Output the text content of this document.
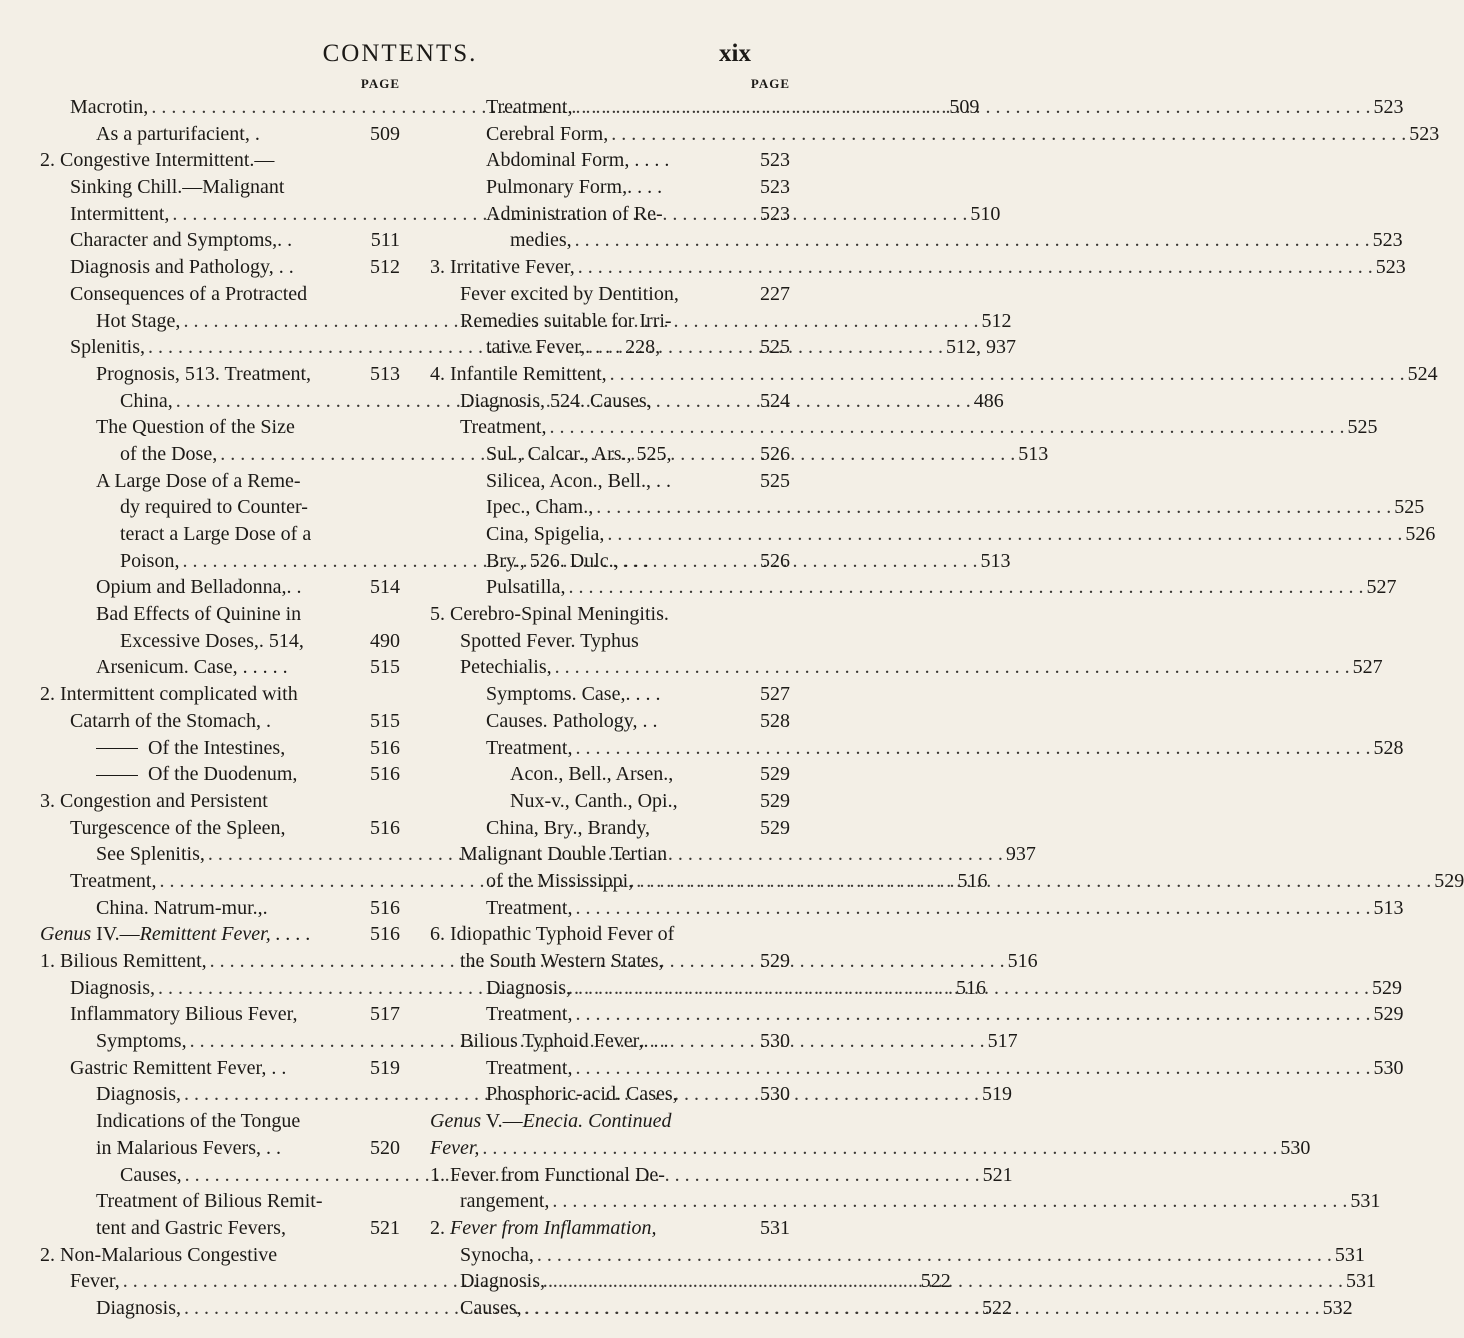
CONTENTS.	xix
PAGE
Macrotin, . . .	509
As a parturifacient, .	509
2. Congestive Intermittent.—
Sinking Chill.—Malignant
Intermittent, . . .	510
Character and Symptoms,. .	511
Diagnosis and Pathology, . .	512
Consequences of a Protracted
Hot Stage, . . .	512
Splenitis, . . .	512, 937
Prognosis, 513. Treatment,	513
China, . . .	486
The Question of the Size
of the Dose, . . .	513
A Large Dose of a Reme-
dy required to Counter-
teract a Large Dose of a
Poison, . . .	513
Opium and Belladonna,. .	514
Bad Effects of Quinine in
Excessive Doses,. 514,	490
Arsenicum. Case, . . . . .	515
2. Intermittent complicated with
Catarrh of the Stomach, .	515
Of the Intestines,	516
Of the Duodenum,	516
3. Congestion and Persistent
Turgescence of the Spleen,	516
See Splenitis, . . .	937
Treatment, . . .	516
China. Natrum-mur.,.	516
Genus IV.—Remittent Fever, . . . .	516
1. Bilious Remittent, . . .	516
Diagnosis, . . .	516
Inflammatory Bilious Fever,	517
Symptoms, . . .	517
Gastric Remittent Fever, . .	519
Diagnosis, . . .	519
Indications of the Tongue
in Malarious Fevers, . .	520
Causes, . . .	521
Treatment of Bilious Remit-
tent and Gastric Fevers,	521
2. Non-Malarious Congestive
Fever, . . .	522
Diagnosis, . . .	522
PAGE
Treatment, . . .	523
Cerebral Form, . . .	523
Abdominal Form, . . . .	523
Pulmonary Form,. . . .	523
Administration of Re-	523
medies, . . .	523
3. Irritative Fever, . . .	523
Fever excited by Dentition,	227
Remedies suitable for Irri-
tative Fever,. . . . 228,	525
4. Infantile Remittent, . . .	524
Diagnosis, 524. Causes,	524
Treatment, . . .	525
Sul., Calcar., Ars., 525,	526
Silicea, Acon., Bell., . .	525
Ipec., Cham., . . .	525
Cina, Spigelia, . . .	526
Bry., 526. Dulc., . . .	526
Pulsatilla, . . .	527
5. Cerebro-Spinal Meningitis.
Spotted Fever. Typhus
Petechialis, . . .	527
Symptoms. Case,. . . .	527
Causes. Pathology, . .	528
Treatment, . . .	528
Acon., Bell., Arsen.,	529
Nux-v., Canth., Opi.,	529
China, Bry., Brandy,	529
Malignant Double Tertian
of the Mississippi, . . .	529
Treatment, . . .	513
6. Idiopathic Typhoid Fever of
the South Western States,	529
Diagnosis, . . .	529
Treatment, . . .	529
Bilious Typhoid Fever,. . .	530
Treatment, . . .	530
Phosphoric-acid. Cases,	530
Genus V.—Enecia. Continued
Fever, . . .	530
1. Fever from Functional De-
rangement, . . .	531
2. Fever from Inflammation,	531
Synocha, . . .	531
Diagnosis, . . .	531
Causes, . . .	532
